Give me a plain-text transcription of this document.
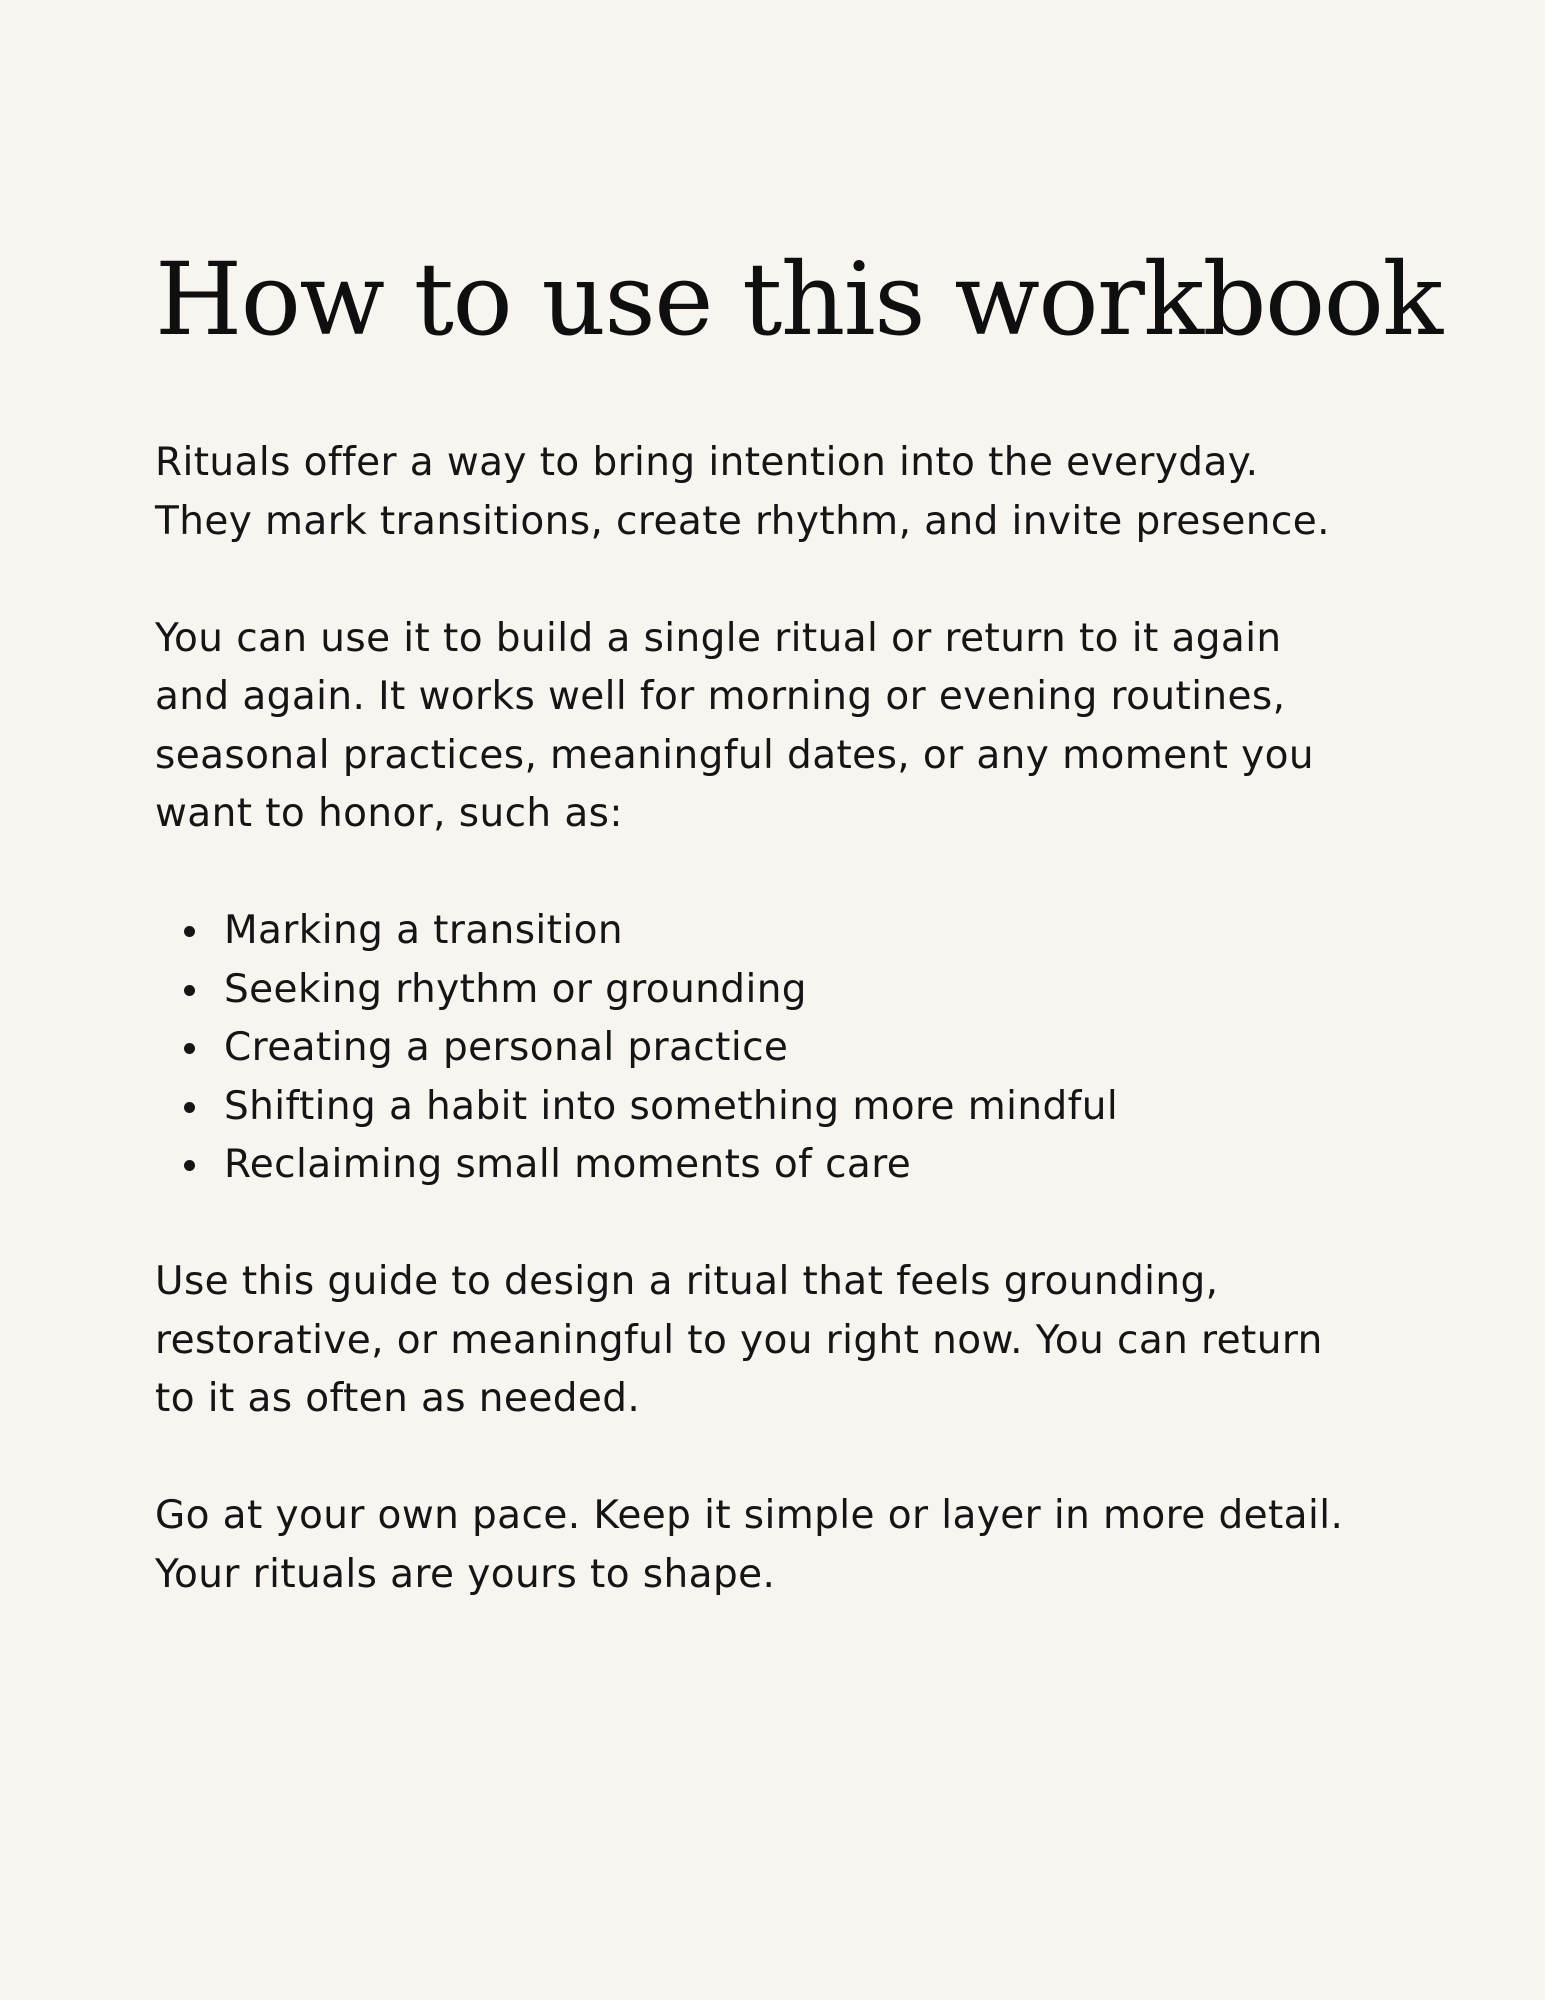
How to use this workbook

Rituals offer a way to bring intention into the everyday.
They mark transitions, create rhythm, and invite presence.

You can use it to build a single ritual or return to it again
and again. It works well for morning or evening routines,
seasonal practices, meaningful dates, or any moment you
want to honor, such as:

Marking a transition
Seeking rhythm or grounding
Creating a personal practice
Shifting a habit into something more mindful
Reclaiming small moments of care

Use this guide to design a ritual that feels grounding,
restorative, or meaningful to you right now. You can return
to it as often as needed.

Go at your own pace. Keep it simple or layer in more detail.
Your rituals are yours to shape.
